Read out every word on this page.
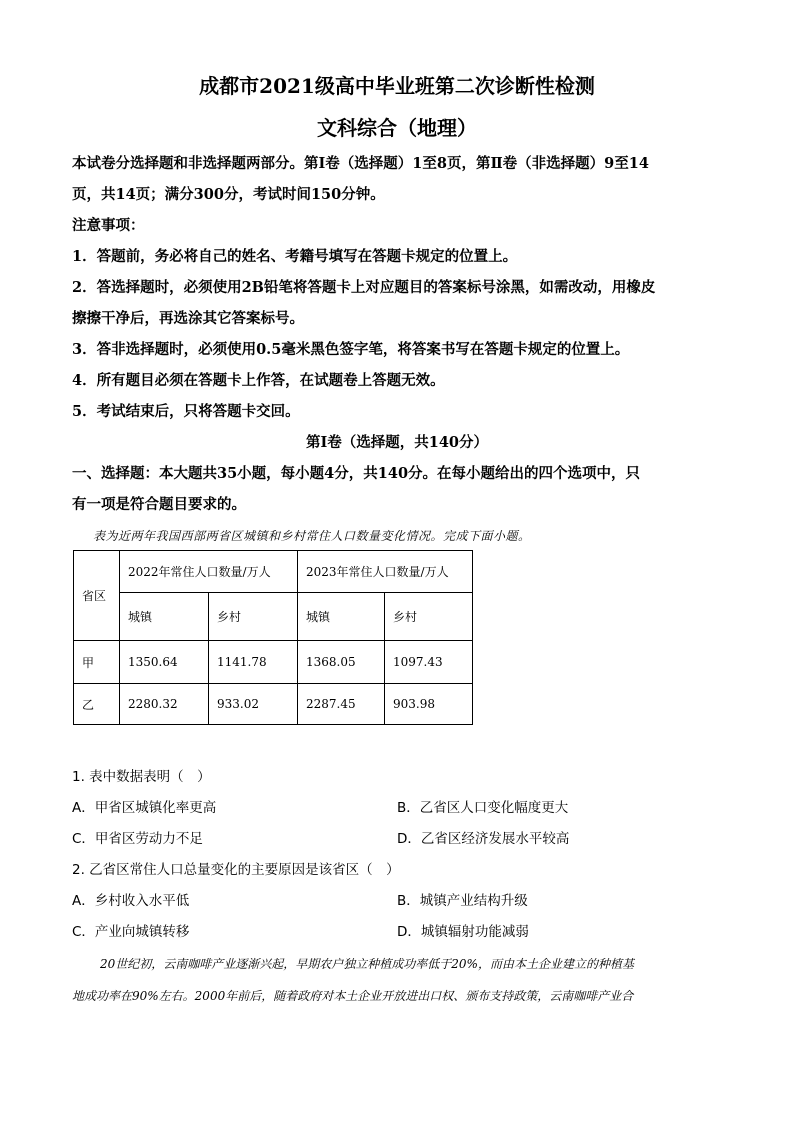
成都市2021级高中毕业班第二次诊断性检测
文科综合（地理）
本试卷分选择题和非选择题两部分。第Ⅰ卷（选择题）1至8页，第Ⅱ卷（非选择题）9至14
页，共14页；满分300分，考试时间150分钟。
注意事项：
1．答题前，务必将自己的姓名、考籍号填写在答题卡规定的位置上。
2．答选择题时，必须使用2B铅笔将答题卡上对应题目的答案标号涂黑，如需改动，用橡皮
擦擦干净后，再选涂其它答案标号。
3．答非选择题时，必须使用0.5毫米黑色签字笔，将答案书写在答题卡规定的位置上。
4．所有题目必须在答题卡上作答，在试题卷上答题无效。
5．考试结束后，只将答题卡交回。
第Ⅰ卷（选择题，共140分）
一、选择题：本大题共35小题，每小题4分，共140分。在每小题给出的四个选项中，只
有一项是符合题目要求的。
表为近两年我国西部两省区城镇和乡村常住人口数量变化情况。完成下面小题。
省区	2022年常住人口数量/万人		2023年常住人口数量/万人	
	城镇	乡村	城镇	乡村
甲	1350.64	1141.78	1368.05	1097.43
乙	2280.32	933.02	2287.45	903.98
1. 表中数据表明（　）
A．甲省区城镇化率更高	B．乙省区人口变化幅度更大
C．甲省区劳动力不足	D．乙省区经济发展水平较高
2. 乙省区常住人口总量变化的主要原因是该省区（　）
A．乡村收入水平低	B．城镇产业结构升级
C．产业向城镇转移	D．城镇辐射功能减弱
20世纪初，云南咖啡产业逐渐兴起，早期农户独立种植成功率低于20%，而由本土企业建立的种植基
地成功率在90%左右。2000年前后，随着政府对本土企业开放进出口权、颁布支持政策，云南咖啡产业合
